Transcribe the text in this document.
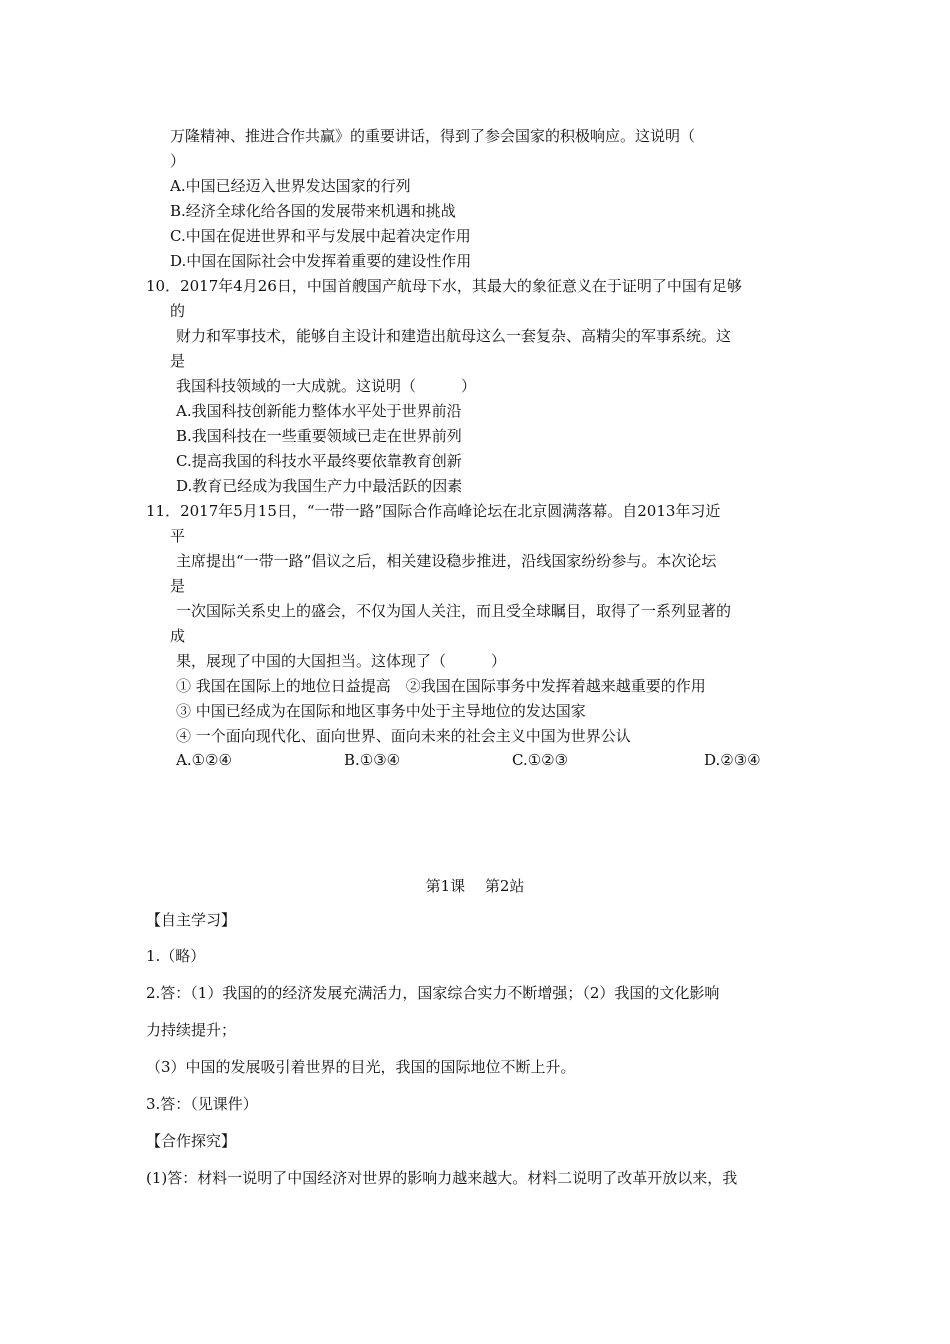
万隆精神、推进合作共赢》的重要讲话，得到了参会国家的积极响应。这说明（
）
A.中国已经迈入世界发达国家的行列
B.经济全球化给各国的发展带来机遇和挑战
C.中国在促进世界和平与发展中起着决定作用
D.中国在国际社会中发挥着重要的建设性作用
10．2017年4月26日，中国首艘国产航母下水，其最大的象征意义在于证明了中国有足够
的
财力和军事技术，能够自主设计和建造出航母这么一套复杂、高精尖的军事系统。这
是
我国科技领域的一大成就。这说明（　　　）
A.我国科技创新能力整体水平处于世界前沿
B.我国科技在一些重要领域已走在世界前列
C.提高我国的科技水平最终要依靠教育创新
D.教育已经成为我国生产力中最活跃的因素
11．2017年5月15日，“一带一路”国际合作高峰论坛在北京圆满落幕。自2013年习近
平
主席提出“一带一路”倡议之后，相关建设稳步推进，沿线国家纷纷参与。本次论坛
是
一次国际关系史上的盛会，不仅为国人关注，而且受全球瞩目，取得了一系列显著的
成
果，展现了中国的大国担当。这体现了（　　　）
① 我国在国际上的地位日益提高　②我国在国际事务中发挥着越来越重要的作用
③ 中国已经成为在国际和地区事务中处于主导地位的发达国家
④ 一个面向现代化、面向世界、面向未来的社会主义中国为世界公认
A.①②④	B.①③④	C.①②③	D.②③④
第1课　 第2站
【自主学习】
1.（略）
2.答：（1）我国的的经济发展充满活力，国家综合实力不断增强；（2）我国的文化影响
力持续提升；
（3）中国的发展吸引着世界的目光，我国的国际地位不断上升。
3.答：（见课件）
【合作探究】
(1)答：材料一说明了中国经济对世界的影响力越来越大。材料二说明了改革开放以来，我
